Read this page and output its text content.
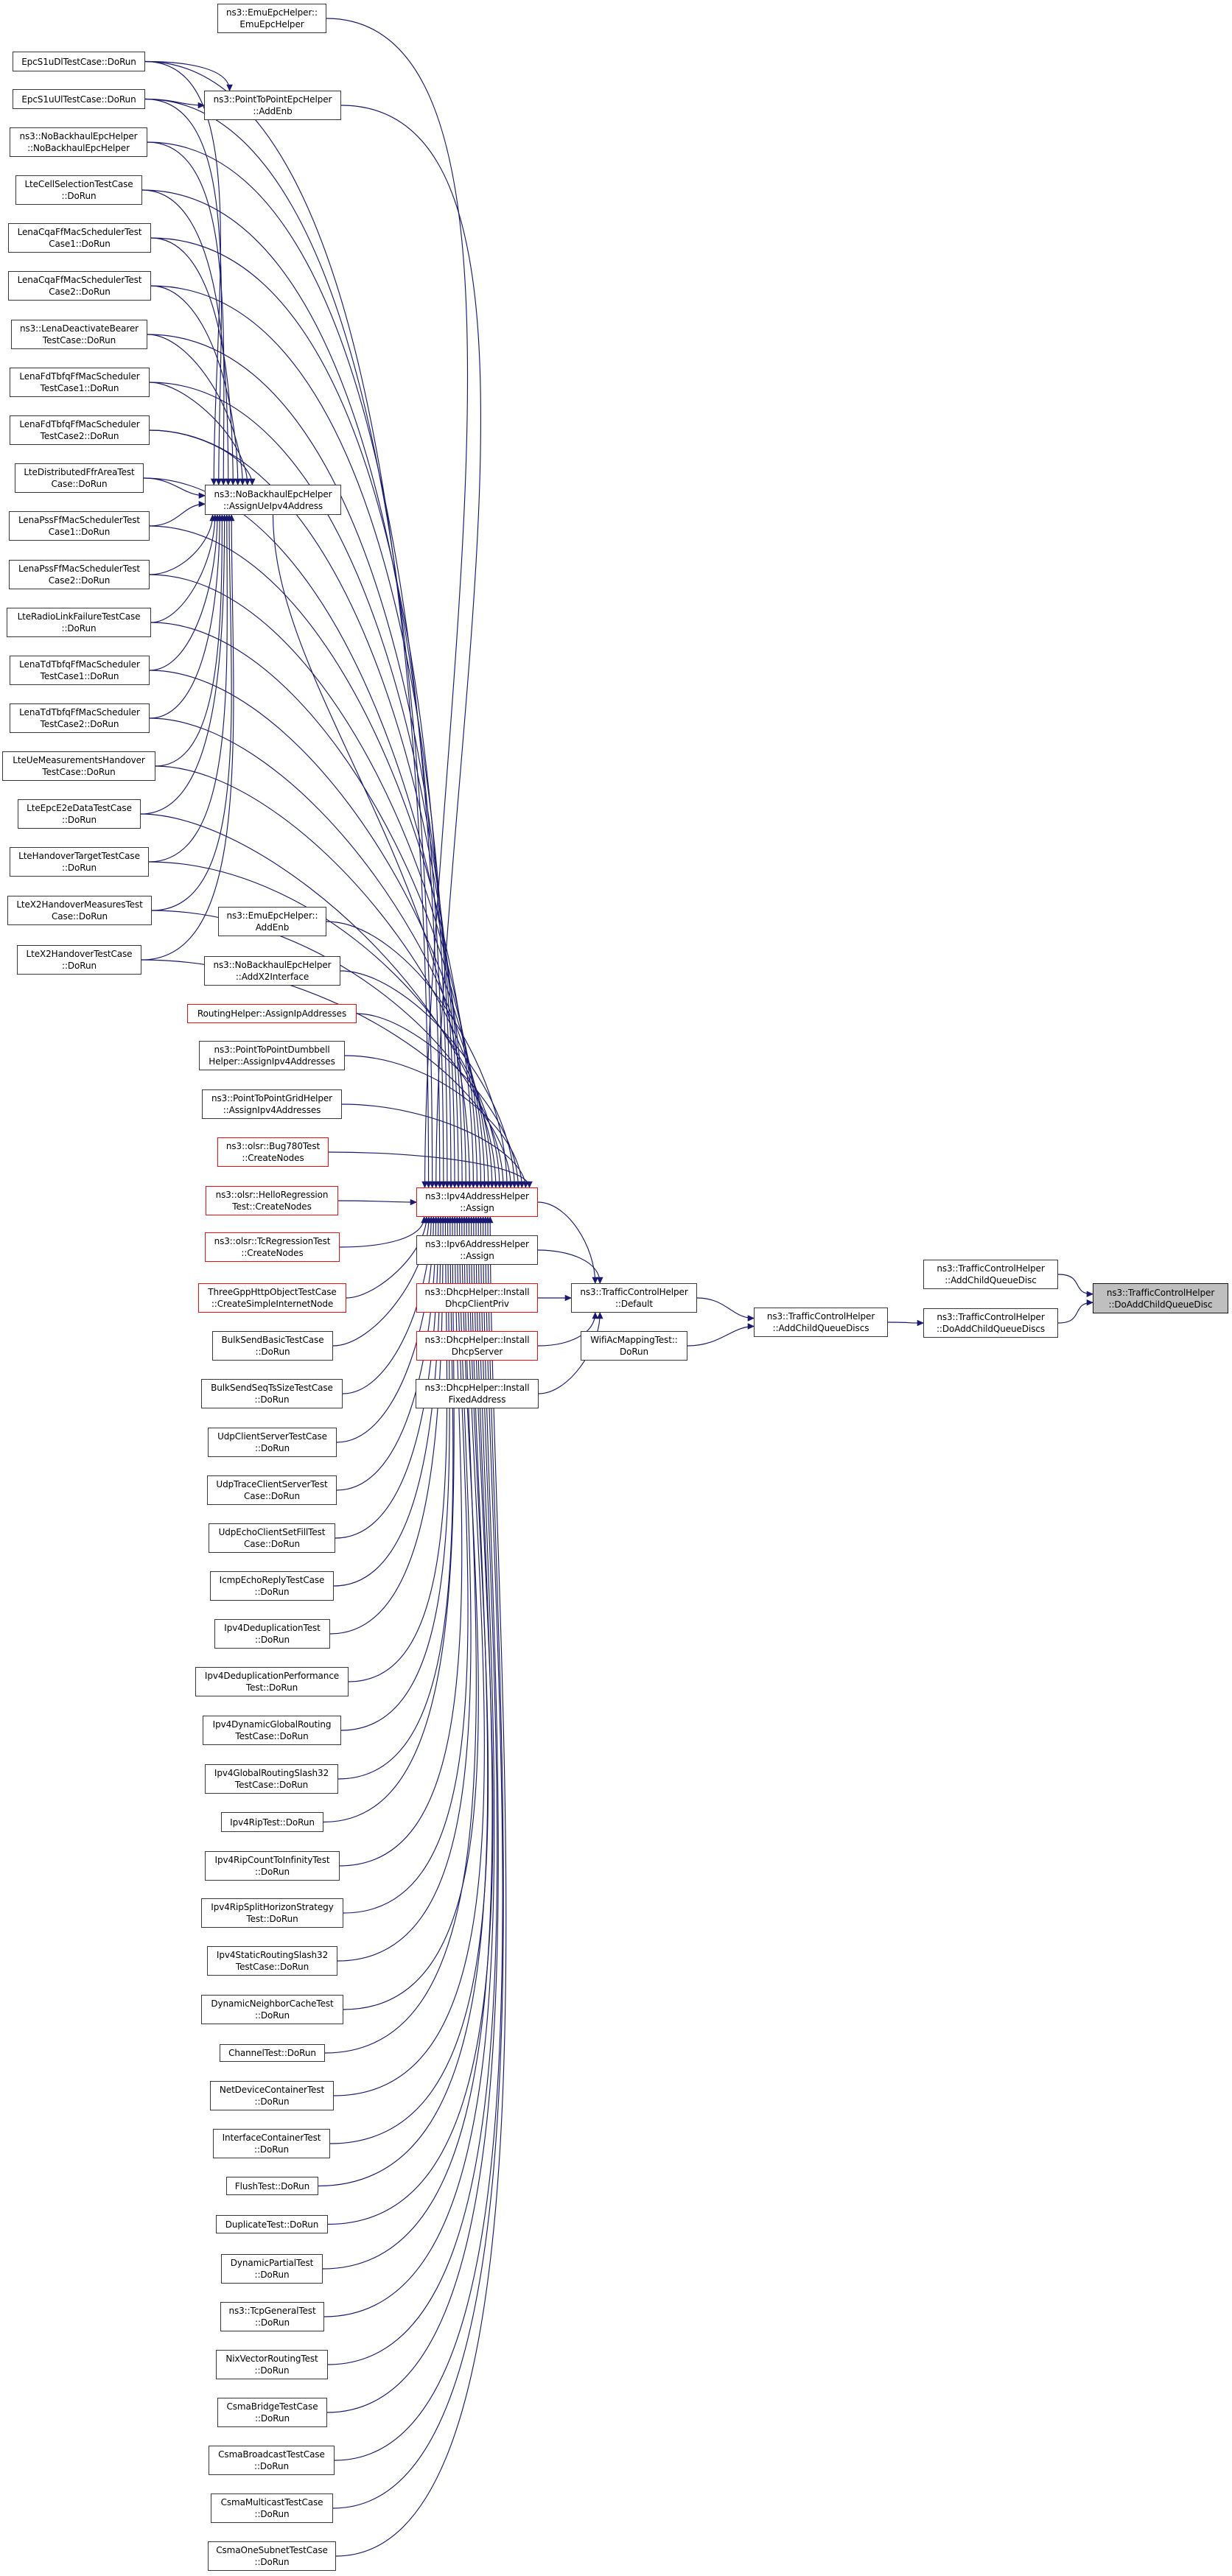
EpcS1uDlTestCase::DoRun
EpcS1uUlTestCase::DoRun
ns3::NoBackhaulEpcHelper
::NoBackhaulEpcHelper
LteCellSelectionTestCase
::DoRun
LenaCqaFfMacSchedulerTest
Case1::DoRun
LenaCqaFfMacSchedulerTest
Case2::DoRun
ns3::LenaDeactivateBearer
TestCase::DoRun
LenaFdTbfqFfMacScheduler
TestCase1::DoRun
LenaFdTbfqFfMacScheduler
TestCase2::DoRun
LteDistributedFfrAreaTest
Case::DoRun
LenaPssFfMacSchedulerTest
Case1::DoRun
LenaPssFfMacSchedulerTest
Case2::DoRun
LteRadioLinkFailureTestCase
::DoRun
LenaTdTbfqFfMacScheduler
TestCase1::DoRun
LenaTdTbfqFfMacScheduler
TestCase2::DoRun
LteUeMeasurementsHandover
TestCase::DoRun
LteEpcE2eDataTestCase
::DoRun
LteHandoverTargetTestCase
::DoRun
LteX2HandoverMeasuresTest
Case::DoRun
LteX2HandoverTestCase
::DoRun
ns3::EmuEpcHelper::
EmuEpcHelper
ns3::PointToPointEpcHelper
::AddEnb
ns3::NoBackhaulEpcHelper
::AssignUeIpv4Address
ns3::EmuEpcHelper::
AddEnb
ns3::NoBackhaulEpcHelper
::AddX2Interface
RoutingHelper::AssignIpAddresses
ns3::PointToPointDumbbell
Helper::AssignIpv4Addresses
ns3::PointToPointGridHelper
::AssignIpv4Addresses
ns3::olsr::Bug780Test
::CreateNodes
ns3::olsr::HelloRegression
Test::CreateNodes
ns3::olsr::TcRegressionTest
::CreateNodes
ThreeGppHttpObjectTestCase
::CreateSimpleInternetNode
BulkSendBasicTestCase
::DoRun
BulkSendSeqTsSizeTestCase
::DoRun
UdpClientServerTestCase
::DoRun
UdpTraceClientServerTest
Case::DoRun
UdpEchoClientSetFillTest
Case::DoRun
IcmpEchoReplyTestCase
::DoRun
Ipv4DeduplicationTest
::DoRun
Ipv4DeduplicationPerformance
Test::DoRun
Ipv4DynamicGlobalRouting
TestCase::DoRun
Ipv4GlobalRoutingSlash32
TestCase::DoRun
Ipv4RipTest::DoRun
Ipv4RipCountToInfinityTest
::DoRun
Ipv4RipSplitHorizonStrategy
Test::DoRun
Ipv4StaticRoutingSlash32
TestCase::DoRun
DynamicNeighborCacheTest
::DoRun
ChannelTest::DoRun
NetDeviceContainerTest
::DoRun
InterfaceContainerTest
::DoRun
FlushTest::DoRun
DuplicateTest::DoRun
DynamicPartialTest
::DoRun
ns3::TcpGeneralTest
::DoRun
NixVectorRoutingTest
::DoRun
CsmaBridgeTestCase
::DoRun
CsmaBroadcastTestCase
::DoRun
CsmaMulticastTestCase
::DoRun
CsmaOneSubnetTestCase
::DoRun
ns3::Ipv4AddressHelper
::Assign
ns3::Ipv6AddressHelper
::Assign
ns3::DhcpHelper::Install
DhcpClientPriv
ns3::DhcpHelper::Install
DhcpServer
ns3::DhcpHelper::Install
FixedAddress
ns3::TrafficControlHelper
::Default
WifiAcMappingTest::
DoRun
ns3::TrafficControlHelper
::AddChildQueueDiscs
ns3::TrafficControlHelper
::AddChildQueueDisc
ns3::TrafficControlHelper
::DoAddChildQueueDiscs
ns3::TrafficControlHelper
::DoAddChildQueueDisc
